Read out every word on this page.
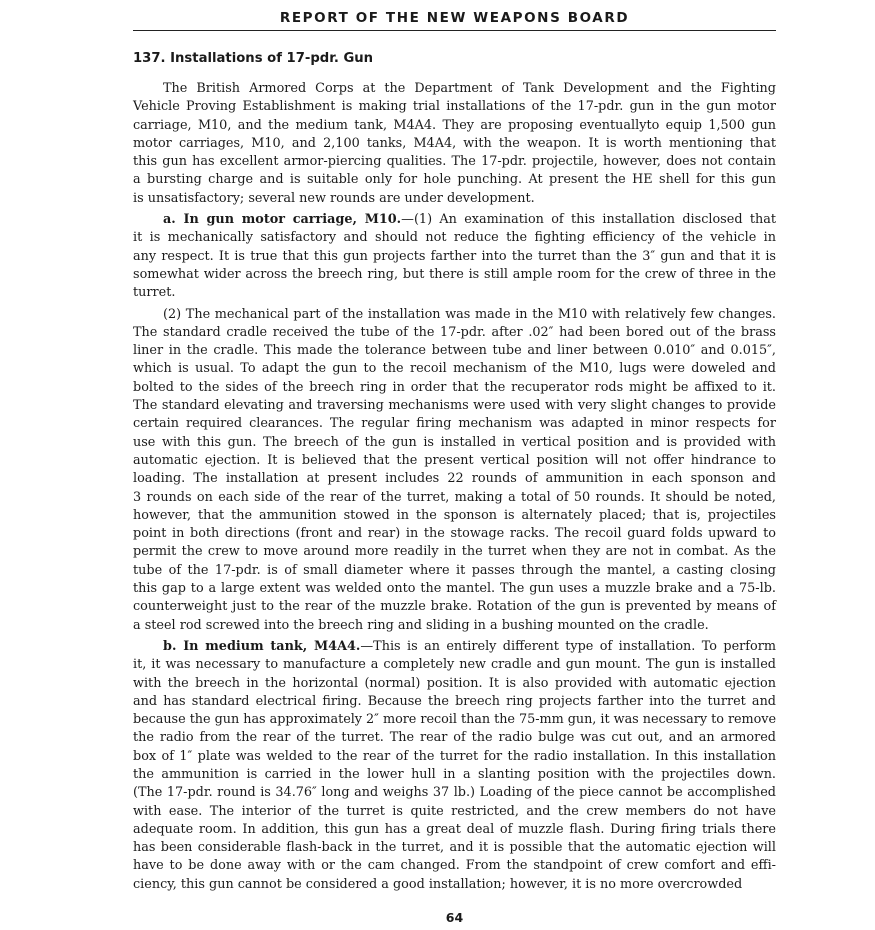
REPORT OF THE NEW WEAPONS BOARD
137. Installations of 17-pdr. Gun
The British Armored Corps at the Department of Tank Development and the Fighting
Vehicle Proving Establishment is making trial installations of the 17-pdr. gun in the gun motor
carriage, M10, and the medium tank, M4A4. They are proposing eventuallyto equip 1,500 gun
motor carriages, M10, and 2,100 tanks, M4A4, with the weapon. It is worth mentioning that
this gun has excellent armor-piercing qualities. The 17-pdr. projectile, however, does not contain
a bursting charge and is suitable only for hole punching. At present the HE shell for this gun
is unsatisfactory; several new rounds are under development.
a. In gun motor carriage, M10.—(1) An examination of this installation disclosed that
it is mechanically satisfactory and should not reduce the fighting efficiency of the vehicle in
any respect. It is true that this gun projects farther into the turret than the 3″ gun and that it is
somewhat wider across the breech ring, but there is still ample room for the crew of three in the
turret.
(2) The mechanical part of the installation was made in the M10 with relatively few changes.
The standard cradle received the tube of the 17-pdr. after .02″ had been bored out of the brass
liner in the cradle. This made the tolerance between tube and liner between 0.010″ and 0.015″,
which is usual. To adapt the gun to the recoil mechanism of the M10, lugs were doweled and
bolted to the sides of the breech ring in order that the recuperator rods might be affixed to it.
The standard elevating and traversing mechanisms were used with very slight changes to provide
certain required clearances. The regular firing mechanism was adapted in minor respects for
use with this gun. The breech of the gun is installed in vertical position and is provided with
automatic ejection. It is believed that the present vertical position will not offer hindrance to
loading. The installation at present includes 22 rounds of ammunition in each sponson and
3 rounds on each side of the rear of the turret, making a total of 50 rounds. It should be noted,
however, that the ammunition stowed in the sponson is alternately placed; that is, projectiles
point in both directions (front and rear) in the stowage racks. The recoil guard folds upward to
permit the crew to move around more readily in the turret when they are not in combat. As the
tube of the 17-pdr. is of small diameter where it passes through the mantel, a casting closing
this gap to a large extent was welded onto the mantel. The gun uses a muzzle brake and a 75-lb.
counterweight just to the rear of the muzzle brake. Rotation of the gun is prevented by means of
a steel rod screwed into the breech ring and sliding in a bushing mounted on the cradle.
b. In medium tank, M4A4.—This is an entirely different type of installation. To perform
it, it was necessary to manufacture a completely new cradle and gun mount. The gun is installed
with the breech in the horizontal (normal) position. It is also provided with automatic ejection
and has standard electrical firing. Because the breech ring projects farther into the turret and
because the gun has approximately 2″ more recoil than the 75-mm gun, it was necessary to remove
the radio from the rear of the turret. The rear of the radio bulge was cut out, and an armored
box of 1″ plate was welded to the rear of the turret for the radio installation. In this installation
the ammunition is carried in the lower hull in a slanting position with the projectiles down.
(The 17-pdr. round is 34.76″ long and weighs 37 lb.) Loading of the piece cannot be accomplished
with ease. The interior of the turret is quite restricted, and the crew members do not have
adequate room. In addition, this gun has a great deal of muzzle flash. During firing trials there
has been considerable flash-back in the turret, and it is possible that the automatic ejection will
have to be done away with or the cam changed. From the standpoint of crew comfort and effi-
ciency, this gun cannot be considered a good installation; however, it is no more overcrowded
64
